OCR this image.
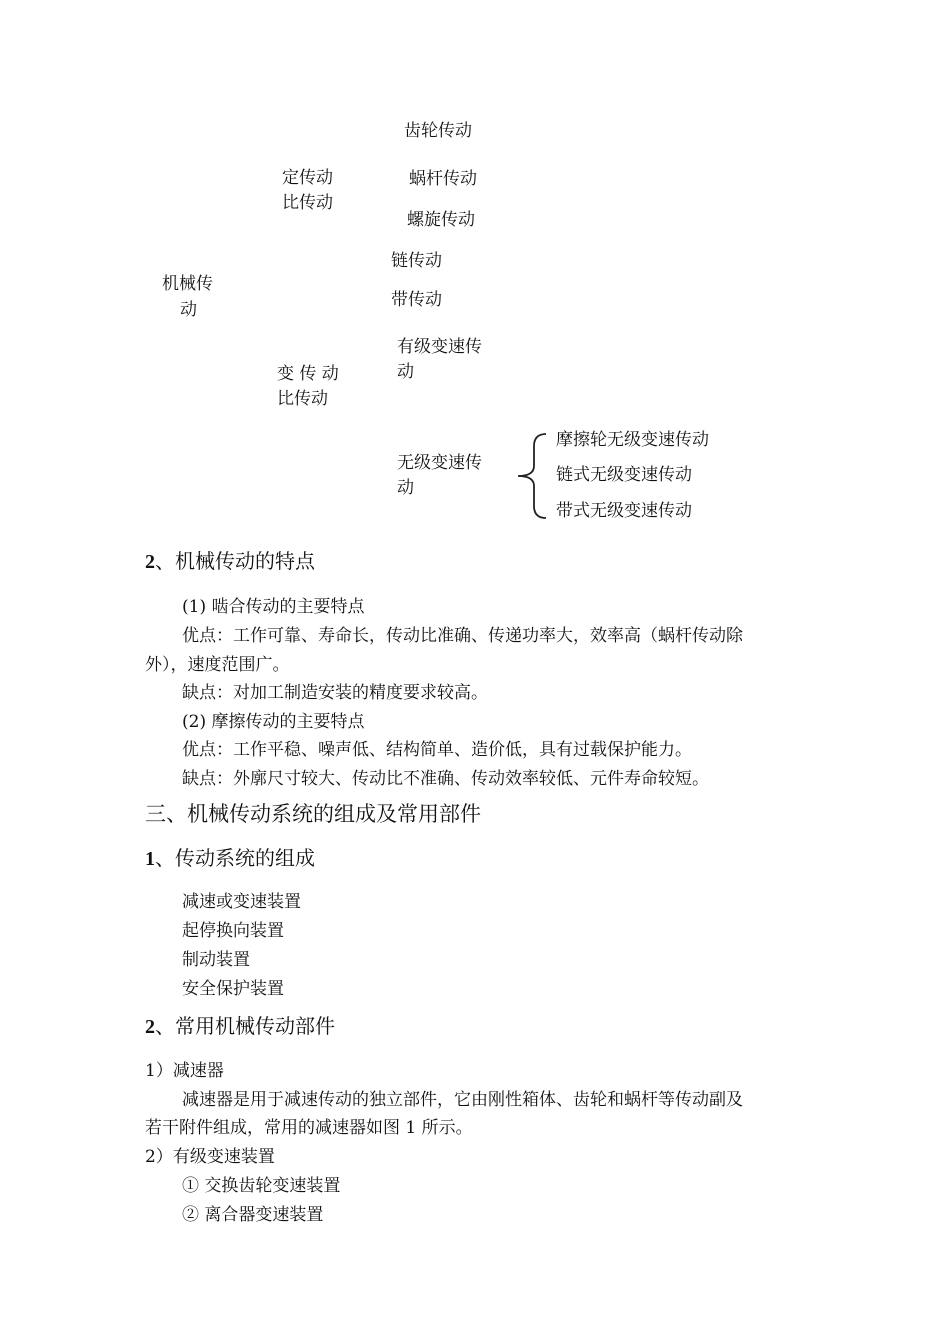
机械传
动
定传动
比传动
齿轮传动
蜗杆传动
螺旋传动
链传动
带传动
有级变速传
动
变 传 动
比传动
无级变速传
动
摩擦轮无级变速传动
链式无级变速传动
带式无级变速传动
2、机械传动的特点
(1) 啮合传动的主要特点
优点：工作可靠、寿命长，传动比准确、传递功率大，效率高（蜗杆传动除
外），速度范围广。
缺点：对加工制造安装的精度要求较高。
(2) 摩擦传动的主要特点
优点：工作平稳、噪声低、结构简单、造价低，具有过载保护能力。
缺点：外廓尺寸较大、传动比不准确、传动效率较低、元件寿命较短。
三、机械传动系统的组成及常用部件
1、传动系统的组成
减速或变速装置
起停换向装置
制动装置
安全保护装置
2、常用机械传动部件
1）减速器
减速器是用于减速传动的独立部件，它由刚性箱体、齿轮和蜗杆等传动副及
若干附件组成，常用的减速器如图 1 所示。
2）有级变速装置
① 交换齿轮变速装置
② 离合器变速装置
